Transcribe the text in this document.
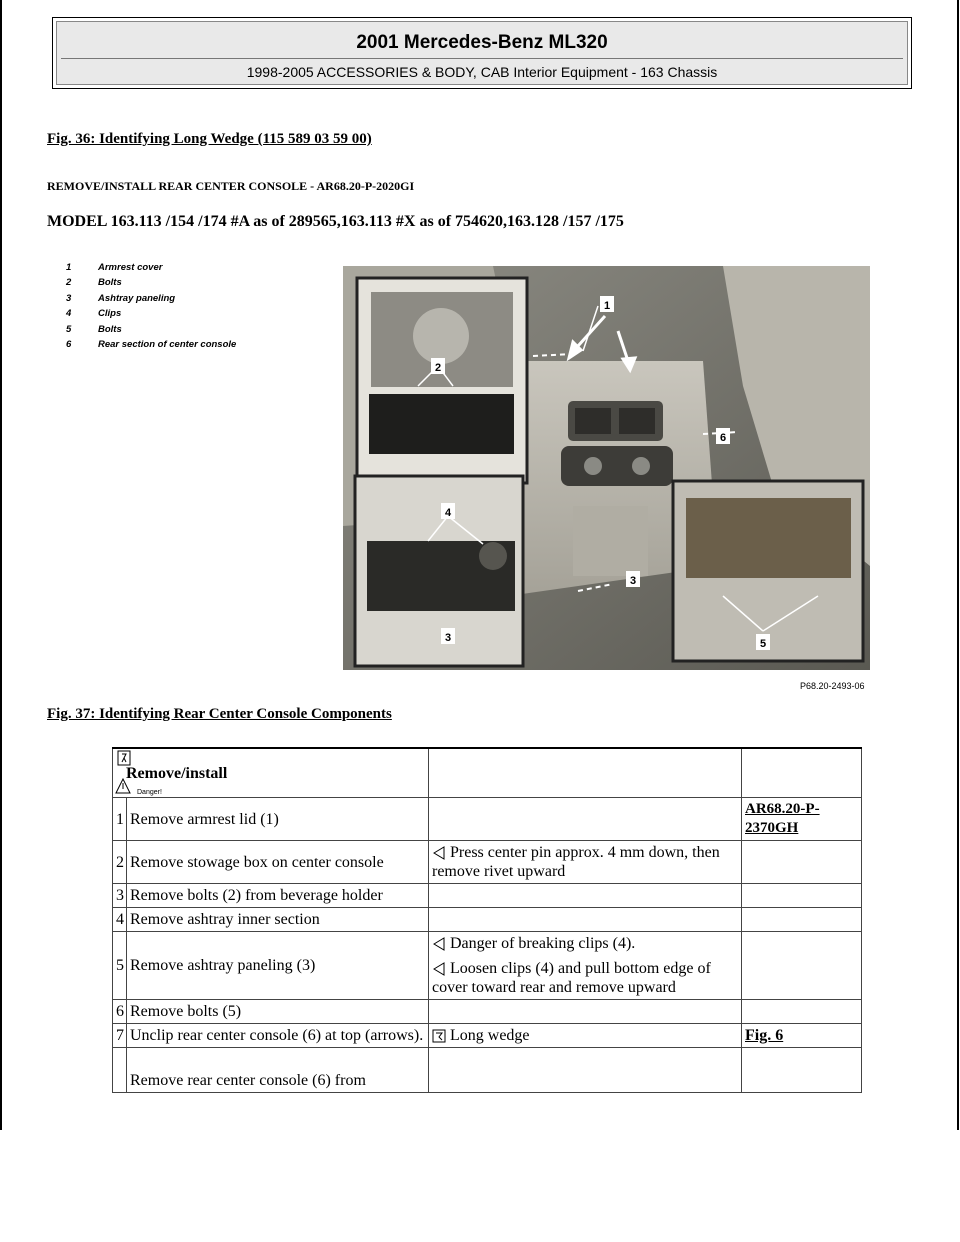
2001 Mercedes-Benz ML320
1998-2005 ACCESSORIES & BODY, CAB Interior Equipment - 163 Chassis
Fig. 36: Identifying Long Wedge (115 589 03 59 00)
REMOVE/INSTALL REAR CENTER CONSOLE - AR68.20-P-2020GI
MODEL 163.113 /154 /174 #A as of 289565,163.113 #X as of 754620,163.128 /157 /175
1	Armrest cover
2	Bolts
3	Ashtray paneling
4	Clips
5	Bolts
6	Rear section of center console
1
2
6
4
3
3	5
P68.20-2493-06
Fig. 37: Identifying Rear Center Console Components
Danger!
Remove/install			

1	Remove armrest lid (1)		AR68.20-P-2370GH
2	Remove stowage box on center console	Press center pin approx. 4 mm down, then remove rivet upward	
3	Remove bolts (2) from beverage holder		
4	Remove ashtray inner section		
5	Remove ashtray paneling (3)	Danger of breaking clips (4).
Loosen clips (4) and pull bottom edge of cover toward rear and remove upward	

6	Remove bolts (5)		
7	Unclip rear center console (6) at top (arrows).	Long wedge	Fig. 6
	Remove rear center console (6) from		
